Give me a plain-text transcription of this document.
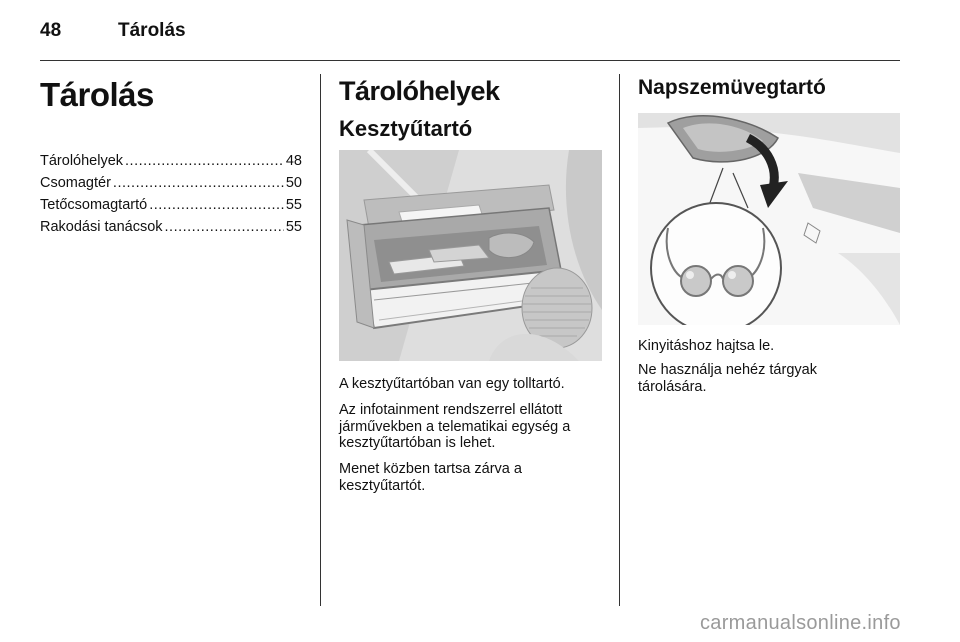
48	Tárolás
Tárolás
Tárolóhelyek .....	48
Csomagtér .....	50
Tetőcsomagtartó .....	55
Rakodási tanácsok .....	55
Tárolóhelyek
Kesztyűtartó

A kesztyűtartóban van egy tolltartó.

Az infotainment rendszerrel ellátott járművekben a telematikai egység a kesztyűtartóban is lehet.

Menet közben tartsa zárva a kesztyűtartót.

Napszemüvegtartó

Kinyitáshoz hajtsa le.

Ne használja nehéz tárgyak tárolására.

carmanualsonline.info
